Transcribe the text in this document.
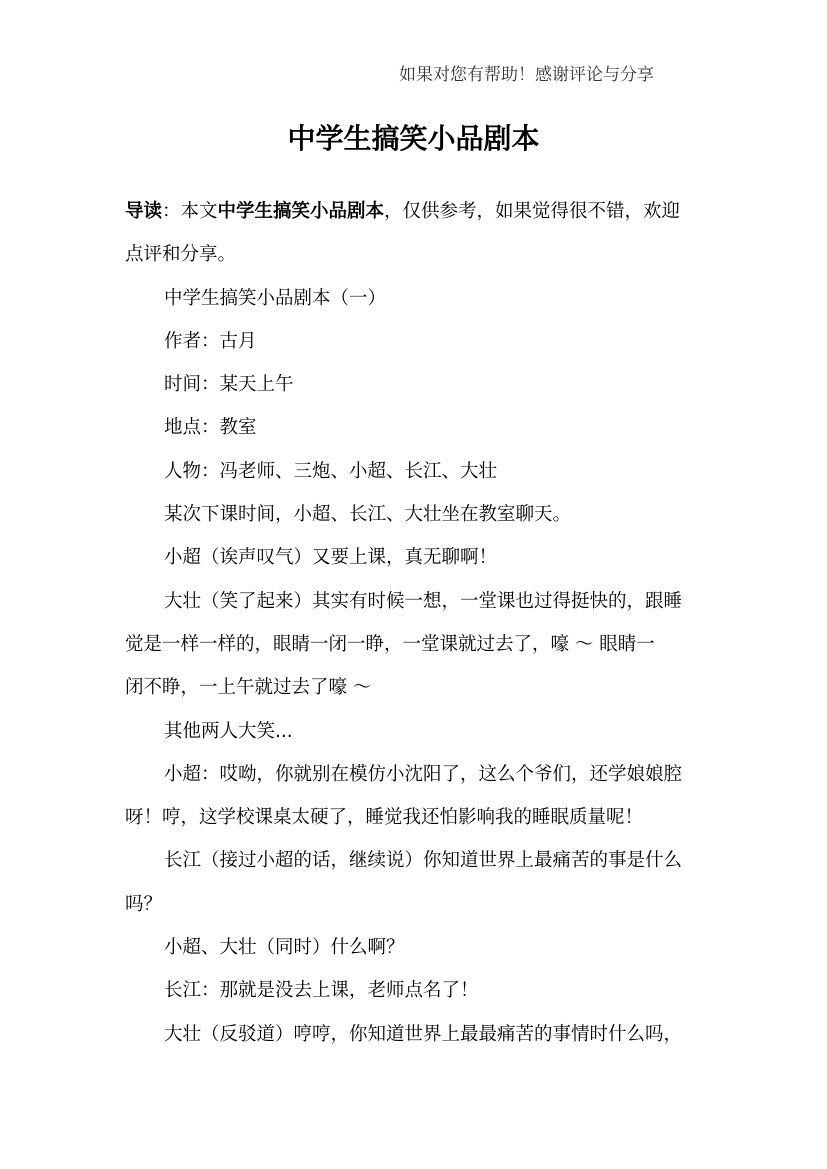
如果对您有帮助！感谢评论与分享
中学生搞笑小品剧本

导读：本文中学生搞笑小品剧本，仅供参考，如果觉得很不错，欢迎

点评和分享。

中学生搞笑小品剧本（一）

作者：古月

时间：某天上午

地点：教室

人物：冯老师、三炮、小超、长江、大壮

某次下课时间，小超、长江、大壮坐在教室聊天。

小超（诶声叹气）又要上课，真无聊啊！

大壮（笑了起来）其实有时候一想，一堂课也过得挺快的，跟睡

觉是一样一样的，眼睛一闭一睁，一堂课就过去了，嚎 ～ 眼睛一

闭不睁，一上午就过去了嚎 ～

其他两人大笑...

小超：哎呦，你就别在模仿小沈阳了，这么个爷们，还学娘娘腔

呀！哼，这学校课桌太硬了，睡觉我还怕影响我的睡眠质量呢！

长江（接过小超的话，继续说）你知道世界上最痛苦的事是什么

吗？

小超、大壮（同时）什么啊？

长江：那就是没去上课，老师点名了！

大壮（反驳道）哼哼，你知道世界上最最痛苦的事情时什么吗，
